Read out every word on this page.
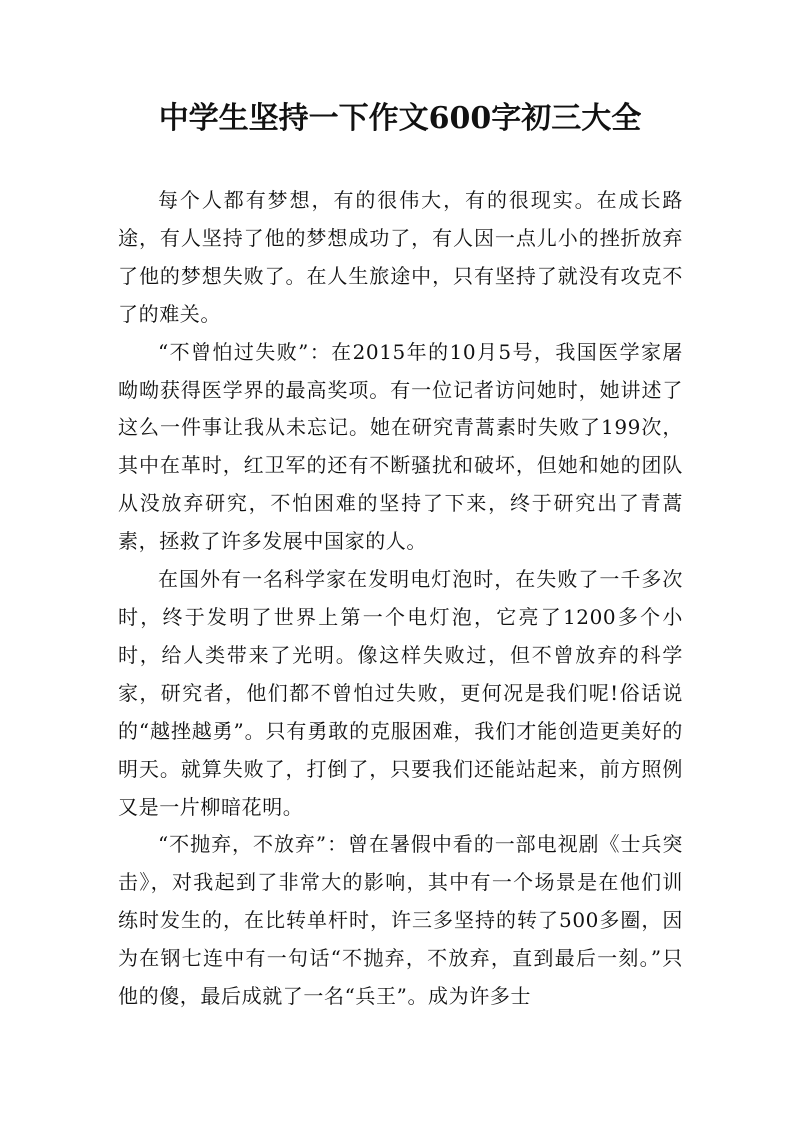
中学生坚持一下作文600字初三大全

每个人都有梦想，有的很伟大，有的很现实。在成长路途，有人坚持了他的梦想成功了，有人因一点儿小的挫折放弃了他的梦想失败了。在人生旅途中，只有坚持了就没有攻克不了的难关。

“不曾怕过失败”：在2015年的10月5号，我国医学家屠呦呦获得医学界的最高奖项。有一位记者访问她时，她讲述了这么一件事让我从未忘记。她在研究青蒿素时失败了199次，其中在革时，红卫军的还有不断骚扰和破坏，但她和她的团队从没放弃研究，不怕困难的坚持了下来，终于研究出了青蒿素，拯救了许多发展中国家的人。

在国外有一名科学家在发明电灯泡时，在失败了一千多次时，终于发明了世界上第一个电灯泡，它亮了1200多个小时，给人类带来了光明。像这样失败过，但不曾放弃的科学家，研究者，他们都不曾怕过失败，更何况是我们呢!俗话说的“越挫越勇”。只有勇敢的克服困难，我们才能创造更美好的明天。就算失败了，打倒了，只要我们还能站起来，前方照例又是一片柳暗花明。

“不抛弃，不放弃”：曾在暑假中看的一部电视剧《士兵突击》，对我起到了非常大的影响，其中有一个场景是在他们训练时发生的，在比转单杆时，许三多坚持的转了500多圈，因为在钢七连中有一句话“不抛弃，不放弃，直到最后一刻。”只他的傻，最后成就了一名“兵王”。成为许多士
